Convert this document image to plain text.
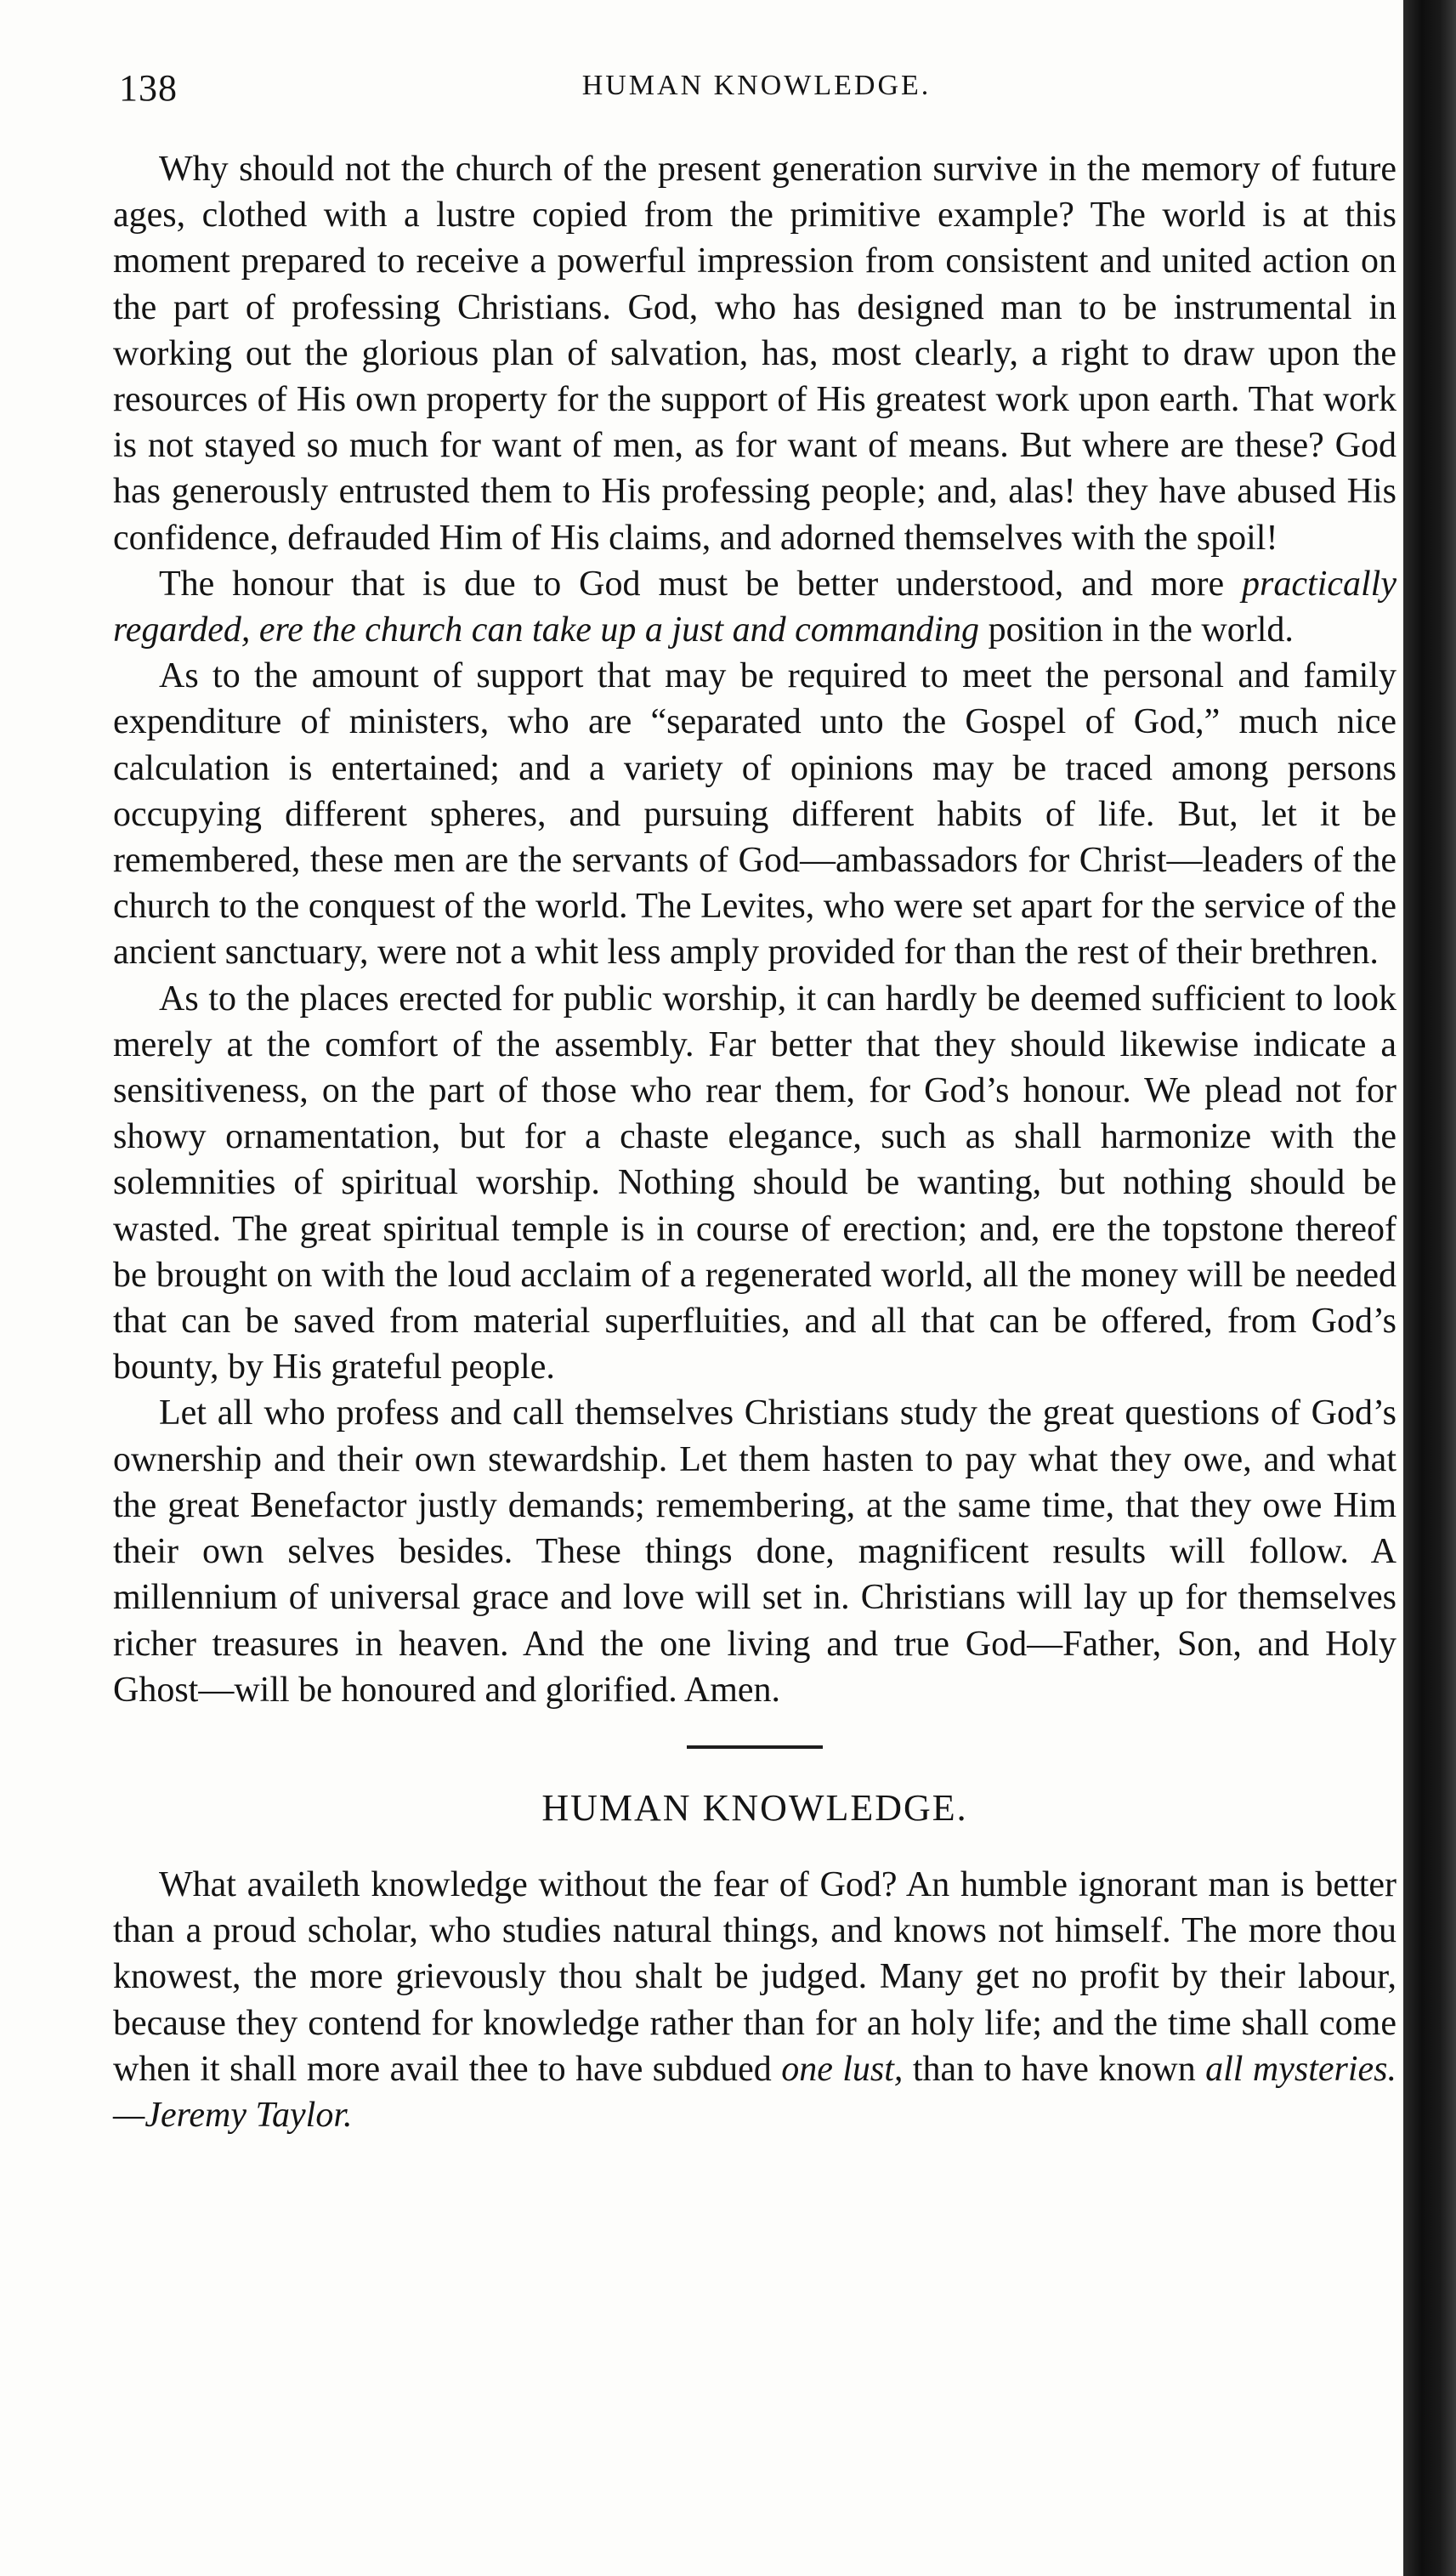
138	HUMAN KNOWLEDGE.

Why should not the church of the present generation survive in the memory of future ages, clothed with a lustre copied from the primitive example? The world is at this moment prepared to receive a powerful impression from consistent and united action on the part of professing Christians. God, who has designed man to be instrumental in working out the glorious plan of salvation, has, most clearly, a right to draw upon the resources of His own property for the support of His greatest work upon earth. That work is not stayed so much for want of men, as for want of means. But where are these? God has generously entrusted them to His professing people; and, alas! they have abused His confidence, defrauded Him of His claims, and adorned themselves with the spoil!

The honour that is due to God must be better understood, and more practically regarded, ere the church can take up a just and commanding position in the world.

As to the amount of support that may be required to meet the personal and family expenditure of ministers, who are “separated unto the Gospel of God,” much nice calculation is entertained; and a variety of opinions may be traced among persons occupying different spheres, and pursuing different habits of life. But, let it be remembered, these men are the servants of God—ambassadors for Christ—leaders of the church to the conquest of the world. The Levites, who were set apart for the service of the ancient sanctuary, were not a whit less amply provided for than the rest of their brethren.

As to the places erected for public worship, it can hardly be deemed sufficient to look merely at the comfort of the assembly. Far better that they should likewise indicate a sensitiveness, on the part of those who rear them, for God’s honour. We plead not for showy ornamentation, but for a chaste elegance, such as shall harmonize with the solemnities of spiritual worship. Nothing should be wanting, but nothing should be wasted. The great spiritual temple is in course of erection; and, ere the topstone thereof be brought on with the loud acclaim of a regenerated world, all the money will be needed that can be saved from material superfluities, and all that can be offered, from God’s bounty, by His grateful people.

Let all who profess and call themselves Christians study the great questions of God’s ownership and their own stewardship. Let them hasten to pay what they owe, and what the great Benefactor justly demands; remembering, at the same time, that they owe Him their own selves besides. These things done, magnificent results will follow. A millennium of universal grace and love will set in. Christians will lay up for themselves richer treasures in heaven. And the one living and true God—Father, Son, and Holy Ghost—will be honoured and glorified. Amen.

HUMAN KNOWLEDGE.

What availeth knowledge without the fear of God? An humble ignorant man is better than a proud scholar, who studies natural things, and knows not himself. The more thou knowest, the more grievously thou shalt be judged. Many get no profit by their labour, because they contend for knowledge rather than for an holy life; and the time shall come when it shall more avail thee to have subdued one lust, than to have known all mysteries.—Jeremy Taylor.
